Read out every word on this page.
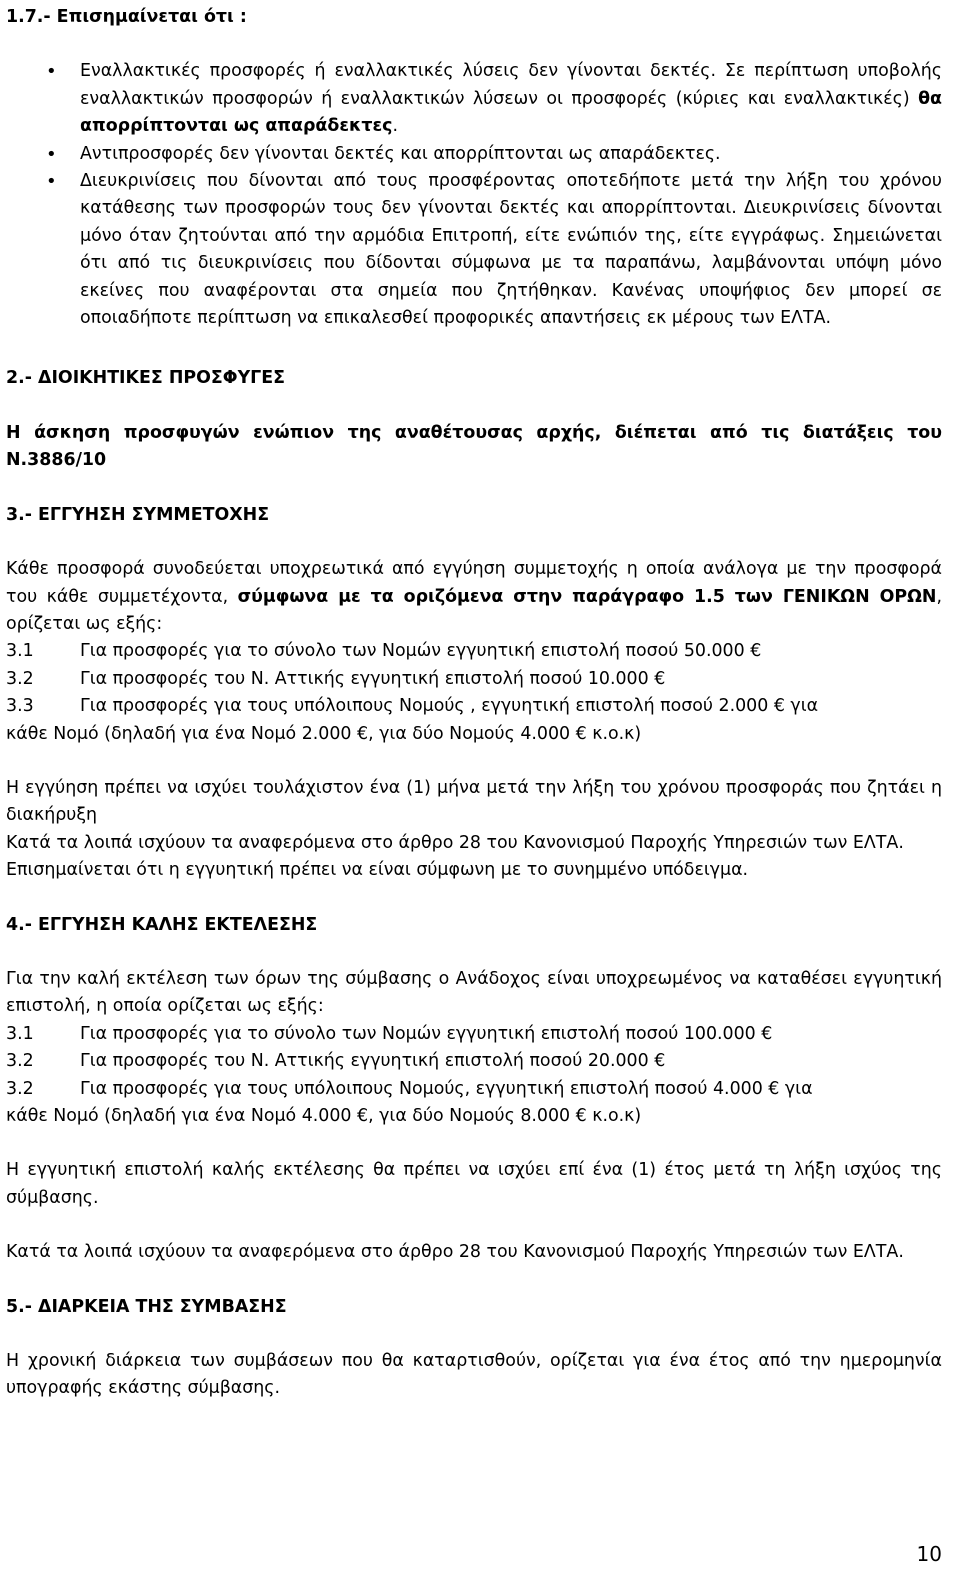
1.7.- Επισημαίνεται ότι :

• Εναλλακτικές προσφορές ή εναλλακτικές λύσεις δεν γίνονται δεκτές. Σε περίπτωση υποβολής εναλλακτικών προσφορών ή εναλλακτικών λύσεων οι προσφορές (κύριες και εναλλακτικές) θα απορρίπτονται ως απαράδεκτες.
• Αντιπροσφορές δεν γίνονται δεκτές και απορρίπτονται ως απαράδεκτες.
• Διευκρινίσεις που δίνονται από τους προσφέροντας οποτεδήποτε μετά την λήξη του χρόνου κατάθεσης των προσφορών τους δεν γίνονται δεκτές και απορρίπτονται. Διευκρινίσεις δίνονται μόνο όταν ζητούνται από την αρμόδια Επιτροπή, είτε ενώπιόν της, είτε εγγράφως. Σημειώνεται ότι από τις διευκρινίσεις που δίδονται σύμφωνα με τα παραπάνω, λαμβάνονται υπόψη μόνο εκείνες που αναφέρονται στα σημεία που ζητήθηκαν. Κανένας υποψήφιος δεν μπορεί σε οποιαδήποτε περίπτωση να επικαλεσθεί προφορικές απαντήσεις εκ μέρους των ΕΛΤΑ.

2.- ΔΙΟΙΚΗΤΙΚΕΣ ΠΡΟΣΦΥΓΕΣ

Η άσκηση προσφυγών ενώπιον της αναθέτουσας αρχής, διέπεται από τις διατάξεις του Ν.3886/10

3.- ΕΓΓΥΗΣΗ ΣΥΜΜΕΤΟΧΗΣ

Κάθε προσφορά συνοδεύεται υποχρεωτικά από εγγύηση συμμετοχής η οποία ανάλογα με την προσφορά του κάθε συμμετέχοντα, σύμφωνα με τα οριζόμενα στην παράγραφο 1.5 των ΓΕΝΙΚΩΝ ΟΡΩΝ, ορίζεται ως εξής:

3.1	Για προσφορές για το σύνολο των Νομών εγγυητική επιστολή ποσού 50.000 €
3.2	Για προσφορές του Ν. Αττικής εγγυητική επιστολή ποσού 10.000 €
3.3	Για προσφορές για τους υπόλοιπους Νομούς , εγγυητική επιστολή ποσού 2.000 € για

κάθε Νομό (δηλαδή για ένα Νομό 2.000 €, για δύο Νομούς 4.000 € κ.ο.κ)

Η εγγύηση πρέπει να ισχύει τουλάχιστον ένα (1) μήνα μετά την λήξη του χρόνου προσφοράς που ζητάει η διακήρυξη

Κατά τα λοιπά ισχύουν τα αναφερόμενα στο άρθρο 28 του Κανονισμού Παροχής Υπηρεσιών των ΕΛΤΑ.

Επισημαίνεται ότι η εγγυητική πρέπει να είναι σύμφωνη με το συνημμένο υπόδειγμα.

4.- ΕΓΓΥΗΣΗ ΚΑΛΗΣ ΕΚΤΕΛΕΣΗΣ

Για την καλή εκτέλεση των όρων της σύμβασης ο Ανάδοχος είναι υποχρεωμένος να καταθέσει εγγυητική επιστολή, η οποία ορίζεται ως εξής:

3.1	Για προσφορές για το σύνολο των Νομών εγγυητική επιστολή ποσού 100.000 €
3.2	Για προσφορές του Ν. Αττικής εγγυητική επιστολή ποσού 20.000 €
3.2	Για προσφορές για τους υπόλοιπους Νομούς, εγγυητική επιστολή ποσού 4.000 € για

κάθε Νομό (δηλαδή για ένα Νομό 4.000 €, για δύο Νομούς 8.000 € κ.ο.κ)

Η εγγυητική επιστολή καλής εκτέλεσης θα πρέπει να ισχύει επί ένα (1) έτος μετά τη λήξη ισχύος της σύμβασης.

Κατά τα λοιπά ισχύουν τα αναφερόμενα στο άρθρο 28 του Κανονισμού Παροχής Υπηρεσιών των ΕΛΤΑ.

5.- ΔΙΑΡΚΕΙΑ ΤΗΣ ΣΥΜΒΑΣΗΣ

Η χρονική διάρκεια των συμβάσεων που θα καταρτισθούν, ορίζεται για ένα έτος από την ημερομηνία υπογραφής εκάστης σύμβασης.

10
